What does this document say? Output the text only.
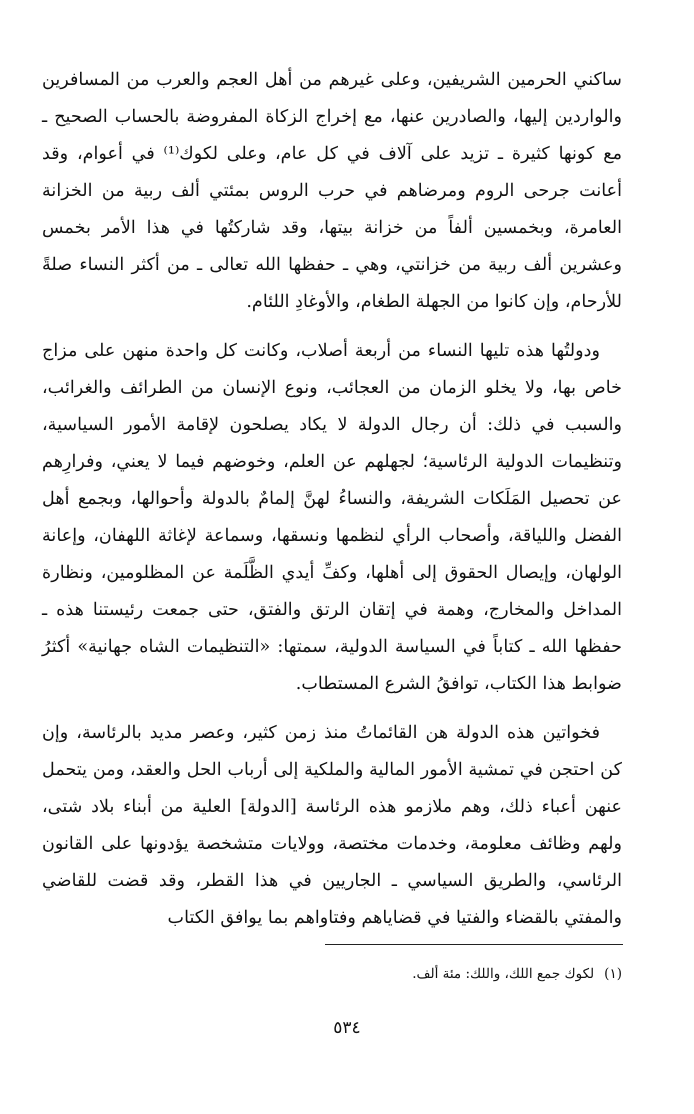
ساكني الحرمين الشريفين، وعلى غيرهم من أهل العجم والعرب من المسافرين والواردين إليها، والصادرين عنها، مع إخراج الزكاة المفروضة بالحساب الصحيح ـ مع كونها كثيرة ـ تزيد على آلاف في كل عام، وعلى لكوك⁽¹⁾ في أعوام، وقد أعانت جرحى الروم ومرضاهم في حرب الروس بمئتي ألف ربية من الخزانة العامرة، وبخمسين ألفاً من خزانة بيتها، وقد شاركتُها في هذا الأمر بخمس وعشرين ألف ربية من خزانتي، وهي ـ حفظها الله تعالى ـ من أكثر النساء صلةً للأرحام، وإن كانوا من الجهلة الطغام، والأوغادِ اللئام.

ودولتُها هذه تليها النساء من أربعة أصلاب، وكانت كل واحدة منهن على مزاج خاص بها، ولا يخلو الزمان من العجائب، ونوع الإنسان من الطرائف والغرائب، والسبب في ذلك: أن رجال الدولة لا يكاد يصلحون لإقامة الأمور السياسية، وتنظيمات الدولية الرئاسية؛ لجهلهم عن العلم، وخوضهم فيما لا يعني، وفرارِهم عن تحصيل المَلَكات الشريفة، والنساءُ لهنَّ إلمامٌ بالدولة وأحوالها، وبجمع أهل الفضل واللياقة، وأصحاب الرأي لنظمها ونسقها، وسماعة لإغاثة اللهفان، وإعانة الولهان، وإيصال الحقوق إلى أهلها، وكفِّ أيدي الظَّلَمة عن المظلومين، ونظارة المداخل والمخارج، وهمة في إتقان الرتق والفتق، حتى جمعت رئيستنا هذه ـ حفظها الله ـ كتاباً في السياسة الدولية، سمتها: «التنظيمات الشاه جهانية» أكثرُ ضوابط هذا الكتاب، توافقُ الشرع المستطاب.

فخواتين هذه الدولة هن القائماتُ منذ زمن كثير، وعصر مديد بالرئاسة، وإن كن احتجن في تمشية الأمور المالية والملكية إلى أرباب الحل والعقد، ومن يتحمل عنهن أعباء ذلك، وهم ملازمو هذه الرئاسة [الدولة] العلية من أبناء بلاد شتى، ولهم وظائف معلومة، وخدمات مختصة، وولايات متشخصة يؤدونها على القانون الرئاسي، والطريق السياسي ـ الجاريين في هذا القطر، وقد قضت للقاضي والمفتي بالقضاء والفتيا في قضاياهم وفتاواهم بما يوافق الكتاب

(١)لكوك جمع اللك، واللك: مئة ألف.
٥٣٤
